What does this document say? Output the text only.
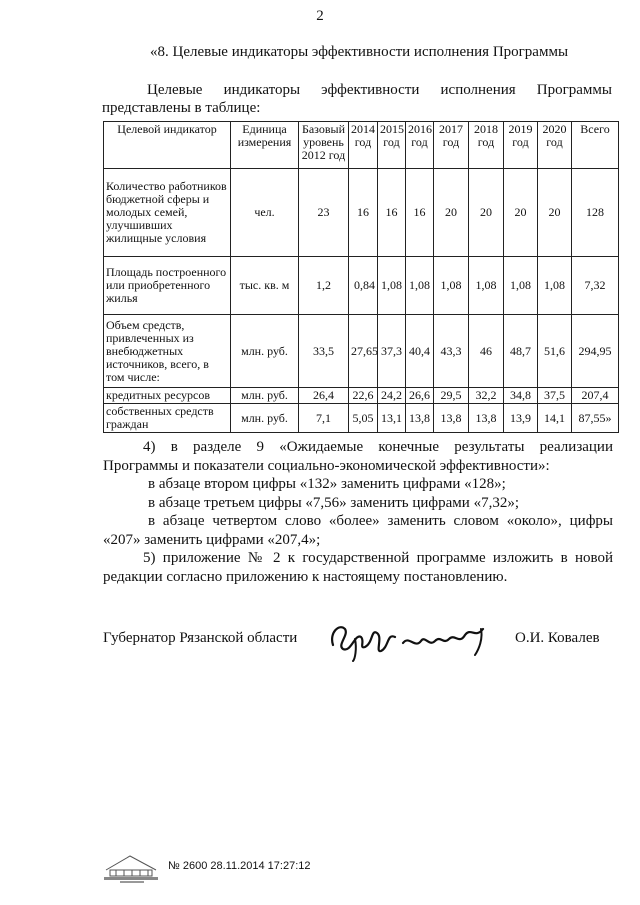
2
«8. Целевые индикаторы эффективности исполнения Программы
Целевые индикаторы эффективности исполнения Программы
представлены в таблице:
Целевой индикатор	Единица измерения	Базовый уровень 2012 год	2014 год	2015 год	2016 год	2017 год	2018 год	2019 год	2020 год	Всего
Количество работников бюджетной сферы и молодых семей, улучшивших жилищные условия	чел.	23	16	16	16	20	20	20	20	128
Площадь построенного или приобретенного жилья	тыс. кв. м	1,2	0,84	1,08	1,08	1,08	1,08	1,08	1,08	7,32
Объем средств, привлеченных из внебюджетных источников, всего, в том числе:	млн. руб.	33,5	27,65	37,3	40,4	43,3	46	48,7	51,6	294,95
кредитных ресурсов	млн. руб.	26,4	22,6	24,2	26,6	29,5	32,2	34,8	37,5	207,4
собственных средств граждан	млн. руб.	7,1	5,05	13,1	13,8	13,8	13,8	13,9	14,1	87,55»

4) в разделе 9 «Ожидаемые конечные результаты реализации

Программы и показатели социально-экономической эффективности»:

в абзаце втором цифры «132» заменить цифрами «128»;

в абзаце третьем цифры «7,56» заменить цифрами «7,32»;

в абзаце четвертом слово «более» заменить словом «около», цифры

«207» заменить цифрами «207,4»;

5) приложение № 2 к государственной программе изложить в новой

редакции согласно приложению к настоящему постановлению.

Губернатор Рязанской области	О.И. Ковалев
№ 2600 28.11.2014 17:27:12
